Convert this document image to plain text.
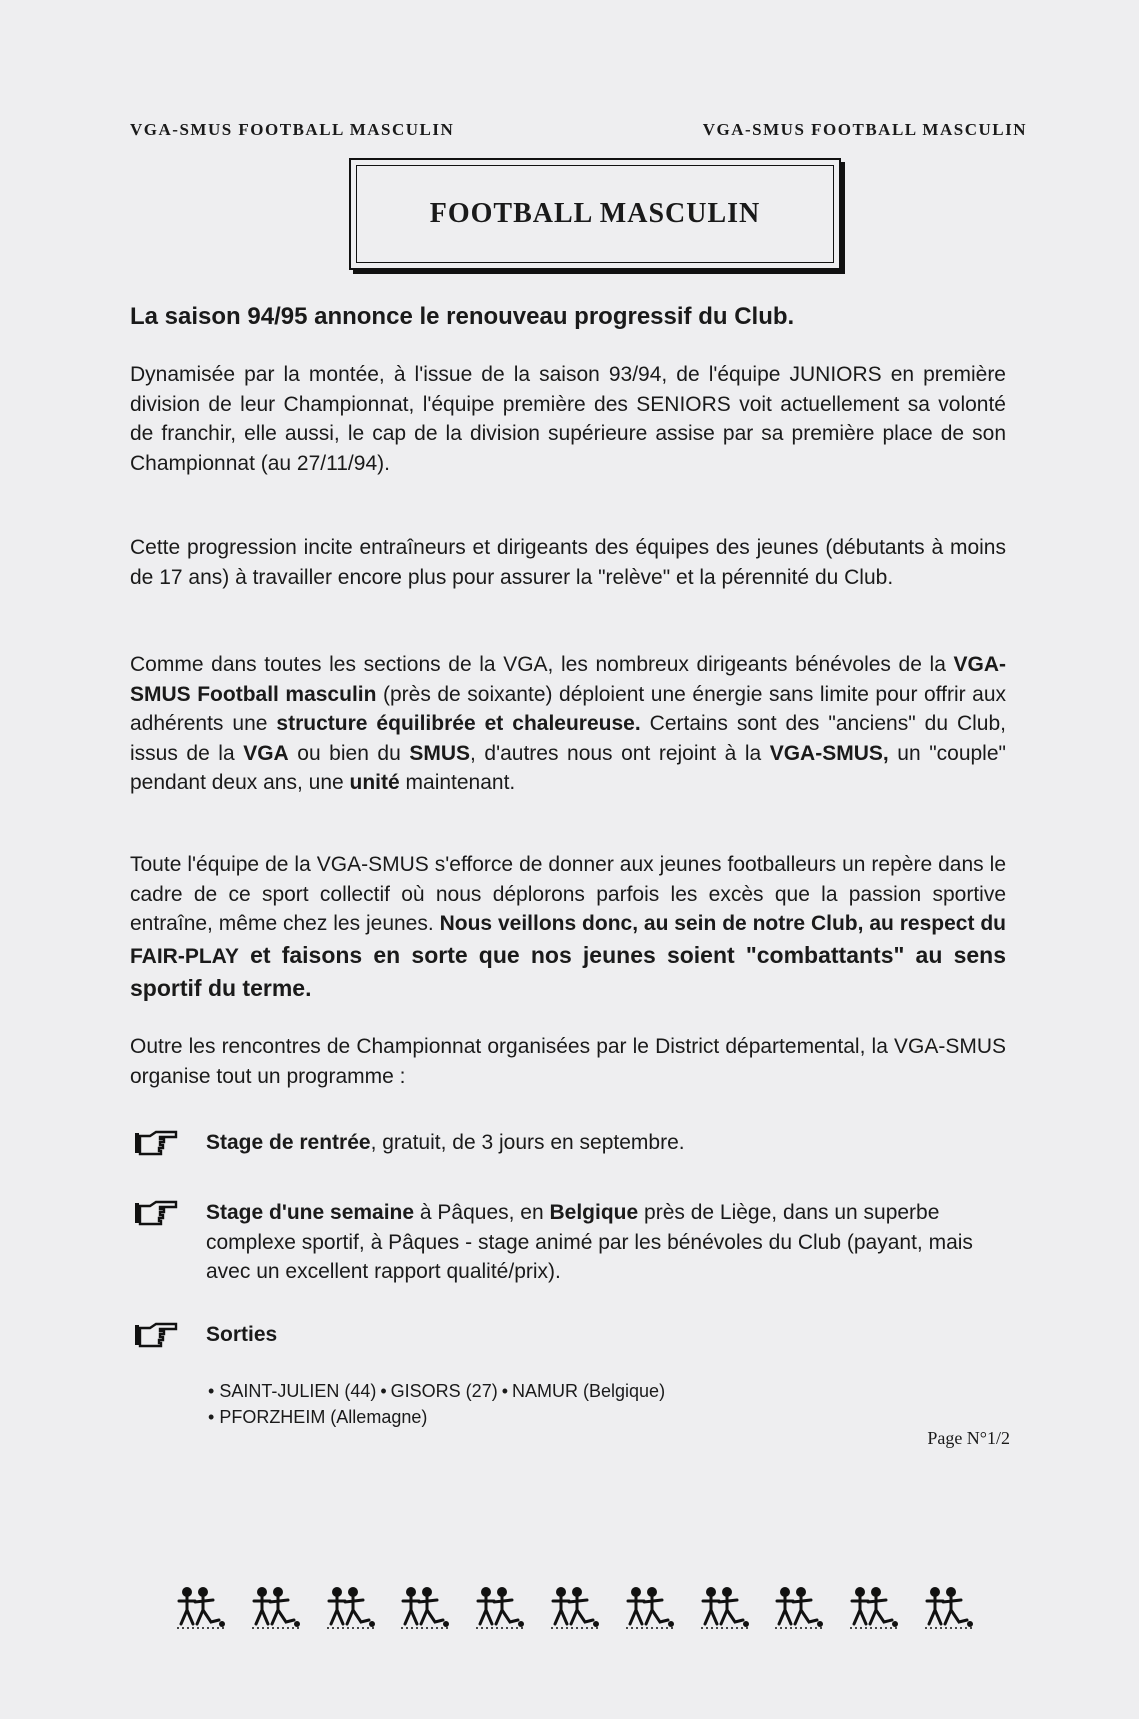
VGA-SMUS FOOTBALL MASCULIN	VGA-SMUS FOOTBALL MASCULIN
FOOTBALL MASCULIN
La saison 94/95 annonce le renouveau progressif du Club.
Dynamisée par la montée, à l'issue de la saison 93/94, de l'équipe JUNIORS en première division de leur Championnat, l'équipe première des SENIORS voit actuellement sa volonté de franchir, elle aussi, le cap de la division supérieure assise par sa première place de son Championnat (au 27/11/94).
Cette progression incite entraîneurs et dirigeants des équipes des jeunes (débutants à moins de 17 ans) à travailler encore plus pour assurer la "relève" et la pérennité du Club.
Comme dans toutes les sections de la VGA, les nombreux dirigeants bénévoles de la VGA-SMUS Football masculin (près de soixante) déploient une énergie sans limite pour offrir aux adhérents une structure équilibrée et chaleureuse. Certains sont des "anciens" du Club, issus de la VGA ou bien du SMUS, d'autres nous ont rejoint à la VGA-SMUS, un "couple" pendant deux ans, une unité maintenant.
Toute l'équipe de la VGA-SMUS s'efforce de donner aux jeunes footballeurs un repère dans le cadre de ce sport collectif où nous déplorons parfois les excès que la passion sportive entraîne, même chez les jeunes. Nous veillons donc, au sein de notre Club, au respect du FAIR-PLAY et faisons en sorte que nos jeunes soient "combattants" au sens sportif du terme.
Outre les rencontres de Championnat organisées par le District départemental, la VGA-SMUS organise tout un programme :
Stage de rentrée, gratuit, de 3 jours en septembre.
Stage d'une semaine à Pâques, en Belgique près de Liège, dans un superbe complexe sportif, à Pâques - stage animé par les bénévoles du Club (payant, mais avec un excellent rapport qualité/prix).
Sorties
• SAINT-JULIEN (44) • GISORS (27) • NAMUR (Belgique)
• PFORZHEIM (Allemagne)
Page N°1/2
